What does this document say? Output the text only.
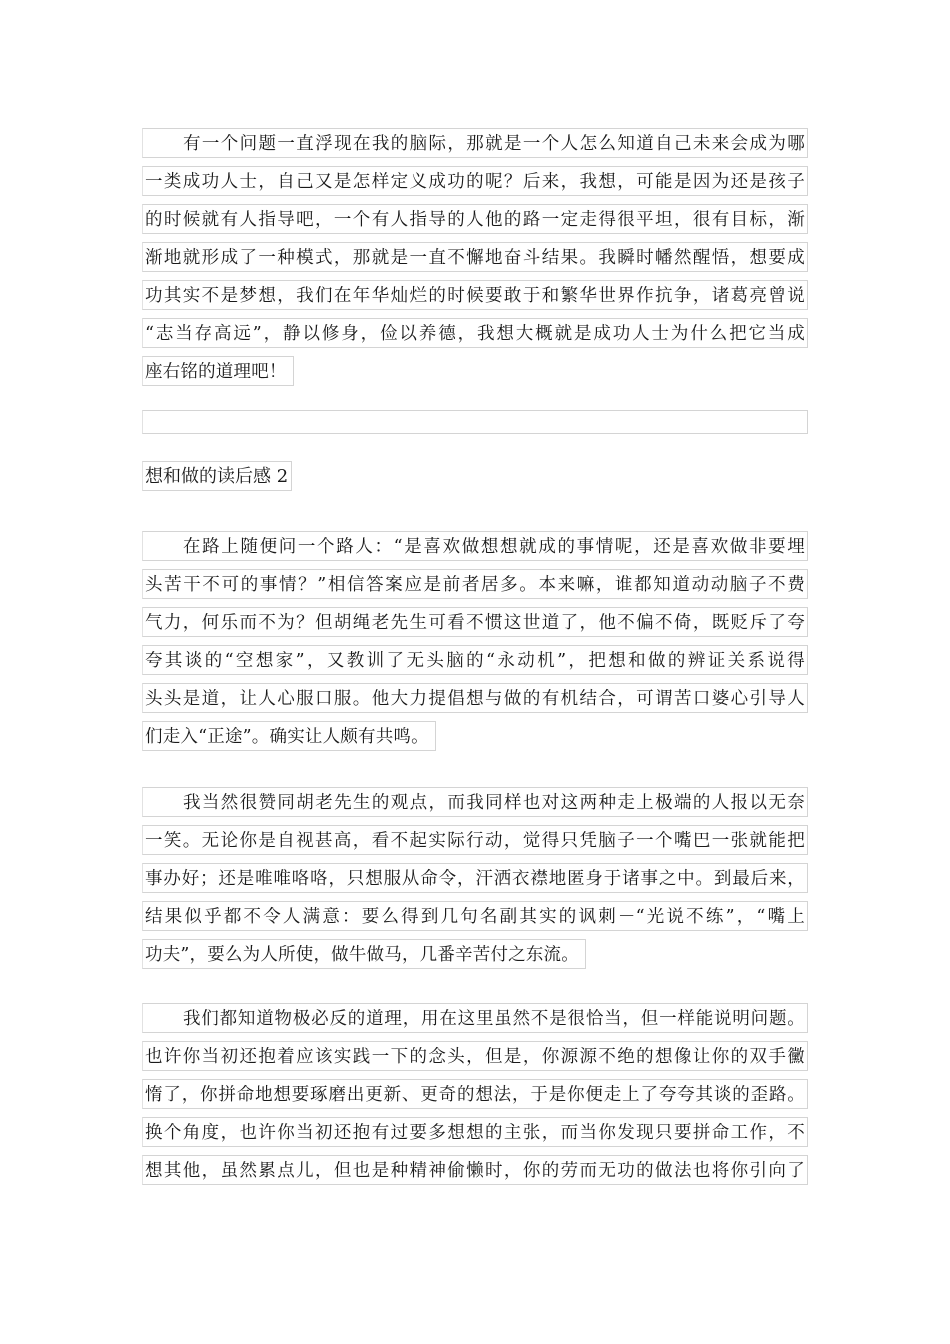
有一个问题一直浮现在我的脑际，那就是一个人怎么知道自己未来会成为哪
一类成功人士，自己又是怎样定义成功的呢？后来，我想，可能是因为还是孩子
的时候就有人指导吧，一个有人指导的人他的路一定走得很平坦，很有目标，渐
渐地就形成了一种模式，那就是一直不懈地奋斗结果。我瞬时幡然醒悟，想要成
功其实不是梦想，我们在年华灿烂的时候要敢于和繁华世界作抗争，诸葛亮曾说
“志当存高远”，静以修身，俭以养德，我想大概就是成功人士为什么把它当成
座右铭的道理吧！
想和做的读后感 2
在路上随便问一个路人：“是喜欢做想想就成的事情呢，还是喜欢做非要埋
头苦干不可的事情？”相信答案应是前者居多。本来嘛，谁都知道动动脑子不费
气力，何乐而不为？但胡绳老先生可看不惯这世道了，他不偏不倚，既贬斥了夸
夸其谈的“空想家”，又教训了无头脑的“永动机”，把想和做的辨证关系说得
头头是道，让人心服口服。他大力提倡想与做的有机结合，可谓苦口婆心引导人
们走入“正途”。确实让人颇有共鸣。
我当然很赞同胡老先生的观点，而我同样也对这两种走上极端的人报以无奈
一笑。无论你是自视甚高，看不起实际行动，觉得只凭脑子一个嘴巴一张就能把
事办好；还是唯唯咯咯，只想服从命令，汗洒衣襟地匿身于诸事之中。到最后来，
结果似乎都不令人满意：要么得到几句名副其实的讽刺－“光说不练”，“嘴上
功夫”，要么为人所使，做牛做马，几番辛苦付之东流。
我们都知道物极必反的道理，用在这里虽然不是很恰当，但一样能说明问题。
也许你当初还抱着应该实践一下的念头，但是，你源源不绝的想像让你的双手黴
惰了，你拼命地想要琢磨出更新、更奇的想法，于是你便走上了夸夸其谈的歪路。
换个角度，也许你当初还抱有过要多想想的主张，而当你发现只要拼命工作，不
想其他，虽然累点儿，但也是种精神偷懒时，你的劳而无功的做法也将你引向了
